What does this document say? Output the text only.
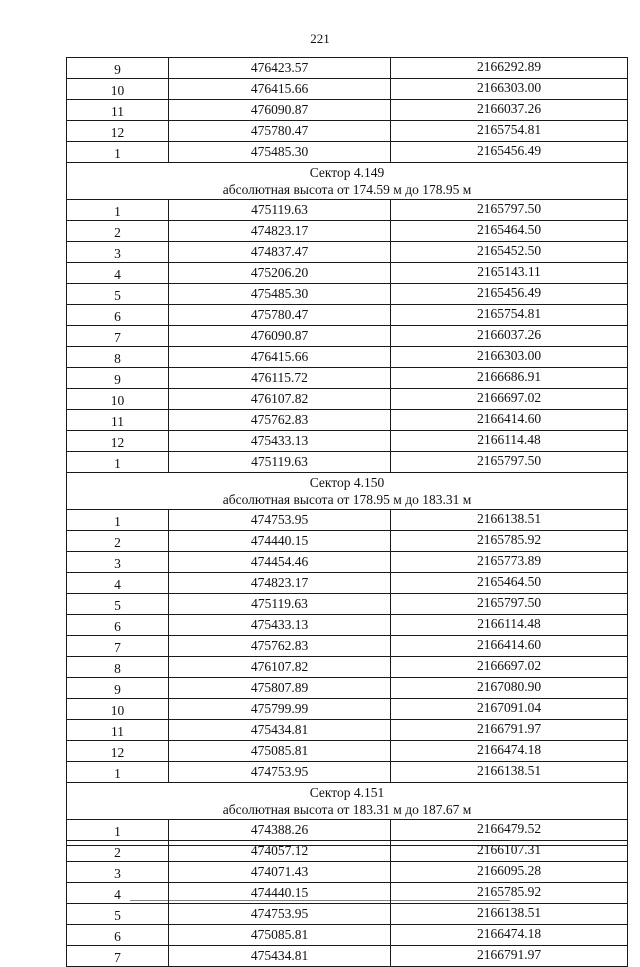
221
9	476423.57	2166292.89
10	476415.66	2166303.00
11	476090.87	2166037.26
12	475780.47	2165754.81
1	475485.30	2165456.49

Сектор 4.149
абсолютная высота от 174.59 м до 178.95 м		

1	475119.63	2165797.50
2	474823.17	2165464.50
3	474837.47	2165452.50
4	475206.20	2165143.11
5	475485.30	2165456.49
6	475780.47	2165754.81
7	476090.87	2166037.26
8	476415.66	2166303.00
9	476115.72	2166686.91
10	476107.82	2166697.02
11	475762.83	2166414.60
12	475433.13	2166114.48
1	475119.63	2165797.50

Сектор 4.150
абсолютная высота от 178.95 м до 183.31 м		

1	474753.95	2166138.51
2	474440.15	2165785.92
3	474454.46	2165773.89
4	474823.17	2165464.50
5	475119.63	2165797.50
6	475433.13	2166114.48
7	475762.83	2166414.60
8	476107.82	2166697.02
9	475807.89	2167080.90
10	475799.99	2167091.04
11	475434.81	2166791.97
12	475085.81	2166474.18
1	474753.95	2166138.51

Сектор 4.151
абсолютная высота от 183.31 м до 187.67 м		

1	474388.26	2166479.52
2	474057.12	2166107.31
3	474071.43	2166095.28
4	474440.15	2165785.92
5	474753.95	2166138.51
6	475085.81	2166474.18
7	475434.81	2166791.97
